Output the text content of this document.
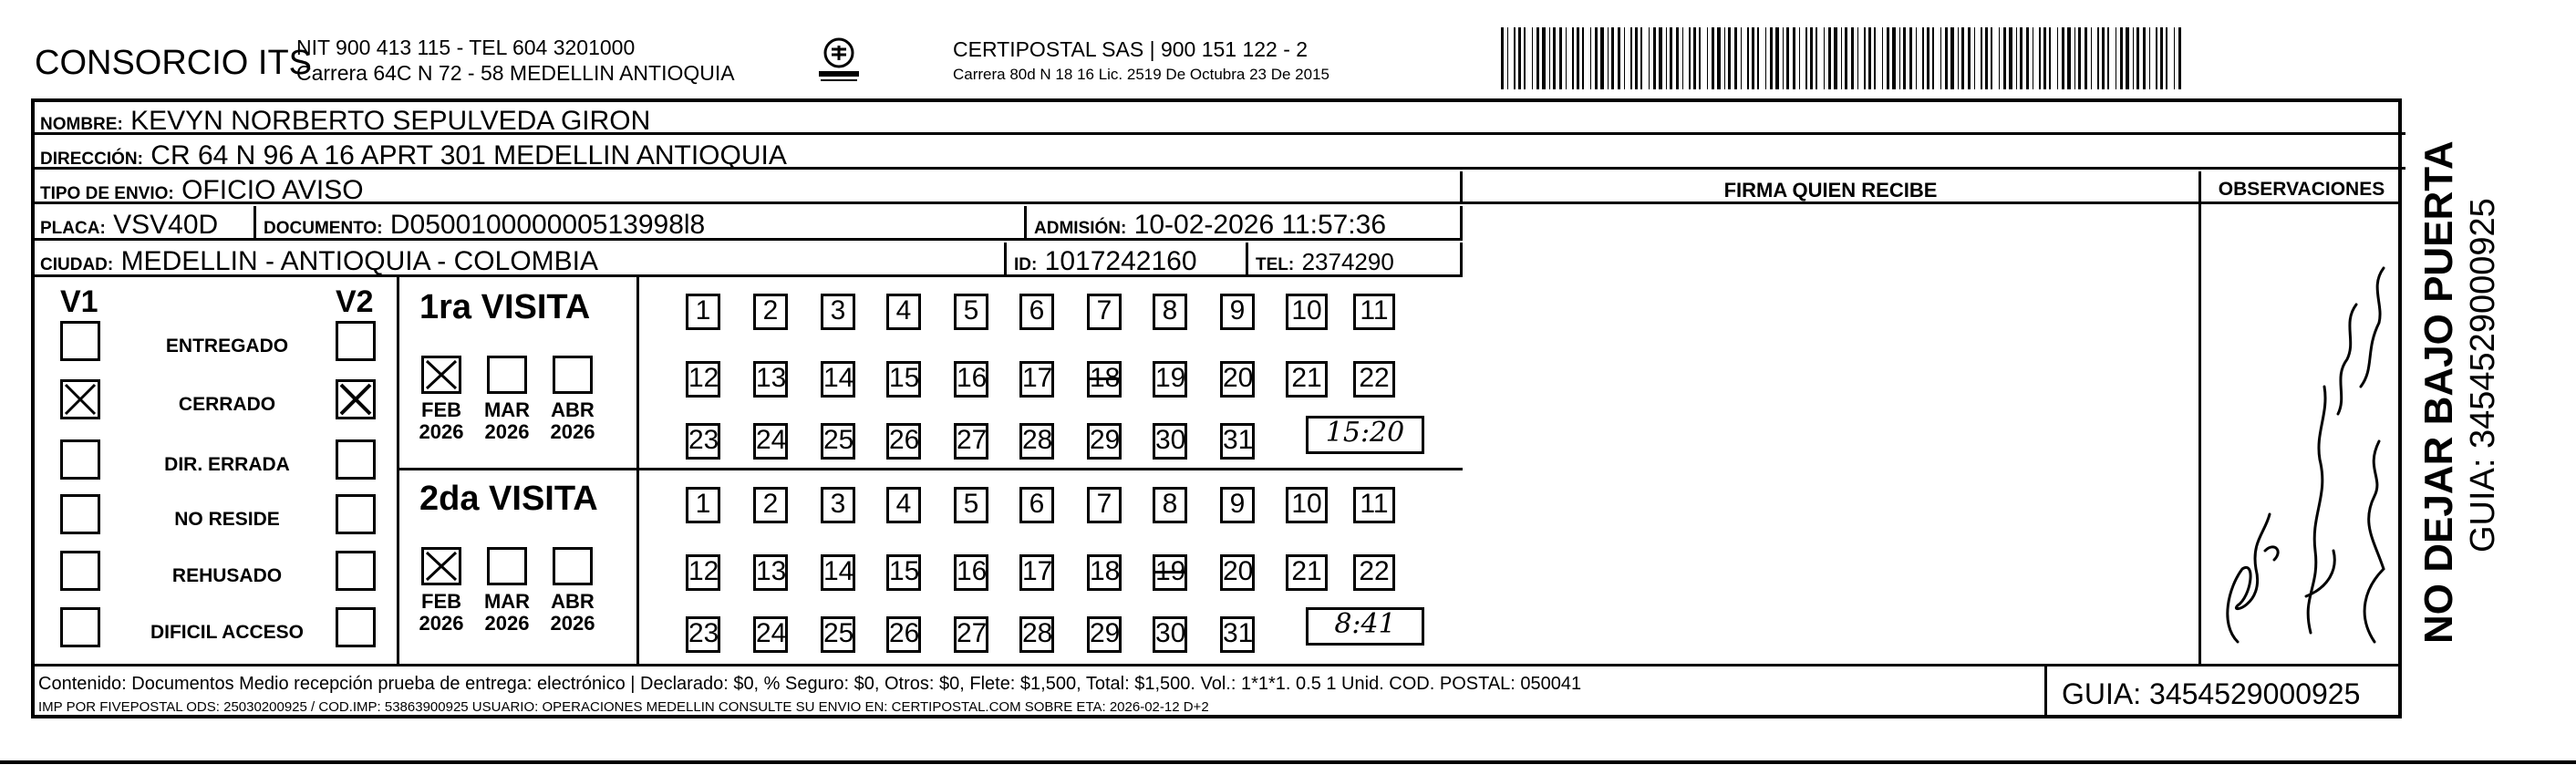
CONSORCIO ITS
NIT 900 413 115 - TEL 604 3201000
Carrera 64C N 72 - 58 MEDELLIN ANTIOQUIA
CERTIPOSTAL SAS | 900 151 122 - 2
Carrera 80d N 18 16 Lic. 2519 De Octubra 23 De 2015
NOMBRE: KEVYN NORBERTO SEPULVEDA GIRON
DIRECCIÓN: CR 64 N 96 A 16 APRT 301 MEDELLIN ANTIOQUIA
TIPO DE ENVIO: OFICIO AVISO
PLACA: VSV40D	DOCUMENTO: D050010000000513998l8	ADMISIÓN: 10-02-2026 11:57:36
CIUDAD: MEDELLIN - ANTIOQUIA - COLOMBIA	ID: 1017242160	TEL: 2374290
FIRMA QUIEN RECIBE	OBSERVACIONES
V1	V2
ENTREGADO
CERRADO
DIR. ERRADA
NO RESIDE
REHUSADO
DIFICIL ACCESO
1ra VISITA
2da VISITA
FEB
2026
MAR
2026
ABR
2026
FEB
2026
MAR
2026
ABR
2026
1	2	3	4	5	6	7	8	9	10 11
12 13 14 15 16 17 18 19 20 21 22
23 24 25 26 27 28 29 30 31
1	2	3	4	5	6	7	8	9	10 11
12 13 14 15 16 17 18 19 20 21 22
23 24 25 26 27 28 29 30 31
15:20
8:41
Contenido: Documentos Medio recepción prueba de entrega: electrónico | Declarado: $0, % Seguro: $0, Otros: $0, Flete: $1,500, Total: $1,500. Vol.: 1*1*1. 0.5 1 Unid. COD. POSTAL: 050041
IMP POR FIVEPOSTAL ODS: 25030200925 / COD.IMP: 53863900925 USUARIO: OPERACIONES MEDELLIN CONSULTE SU ENVIO EN: CERTIPOSTAL.COM SOBRE ETA: 2026-02-12 D+2	GUIA: 3454529000925
NO DEJAR BAJO PUERTA GUIA: 3454529000925
